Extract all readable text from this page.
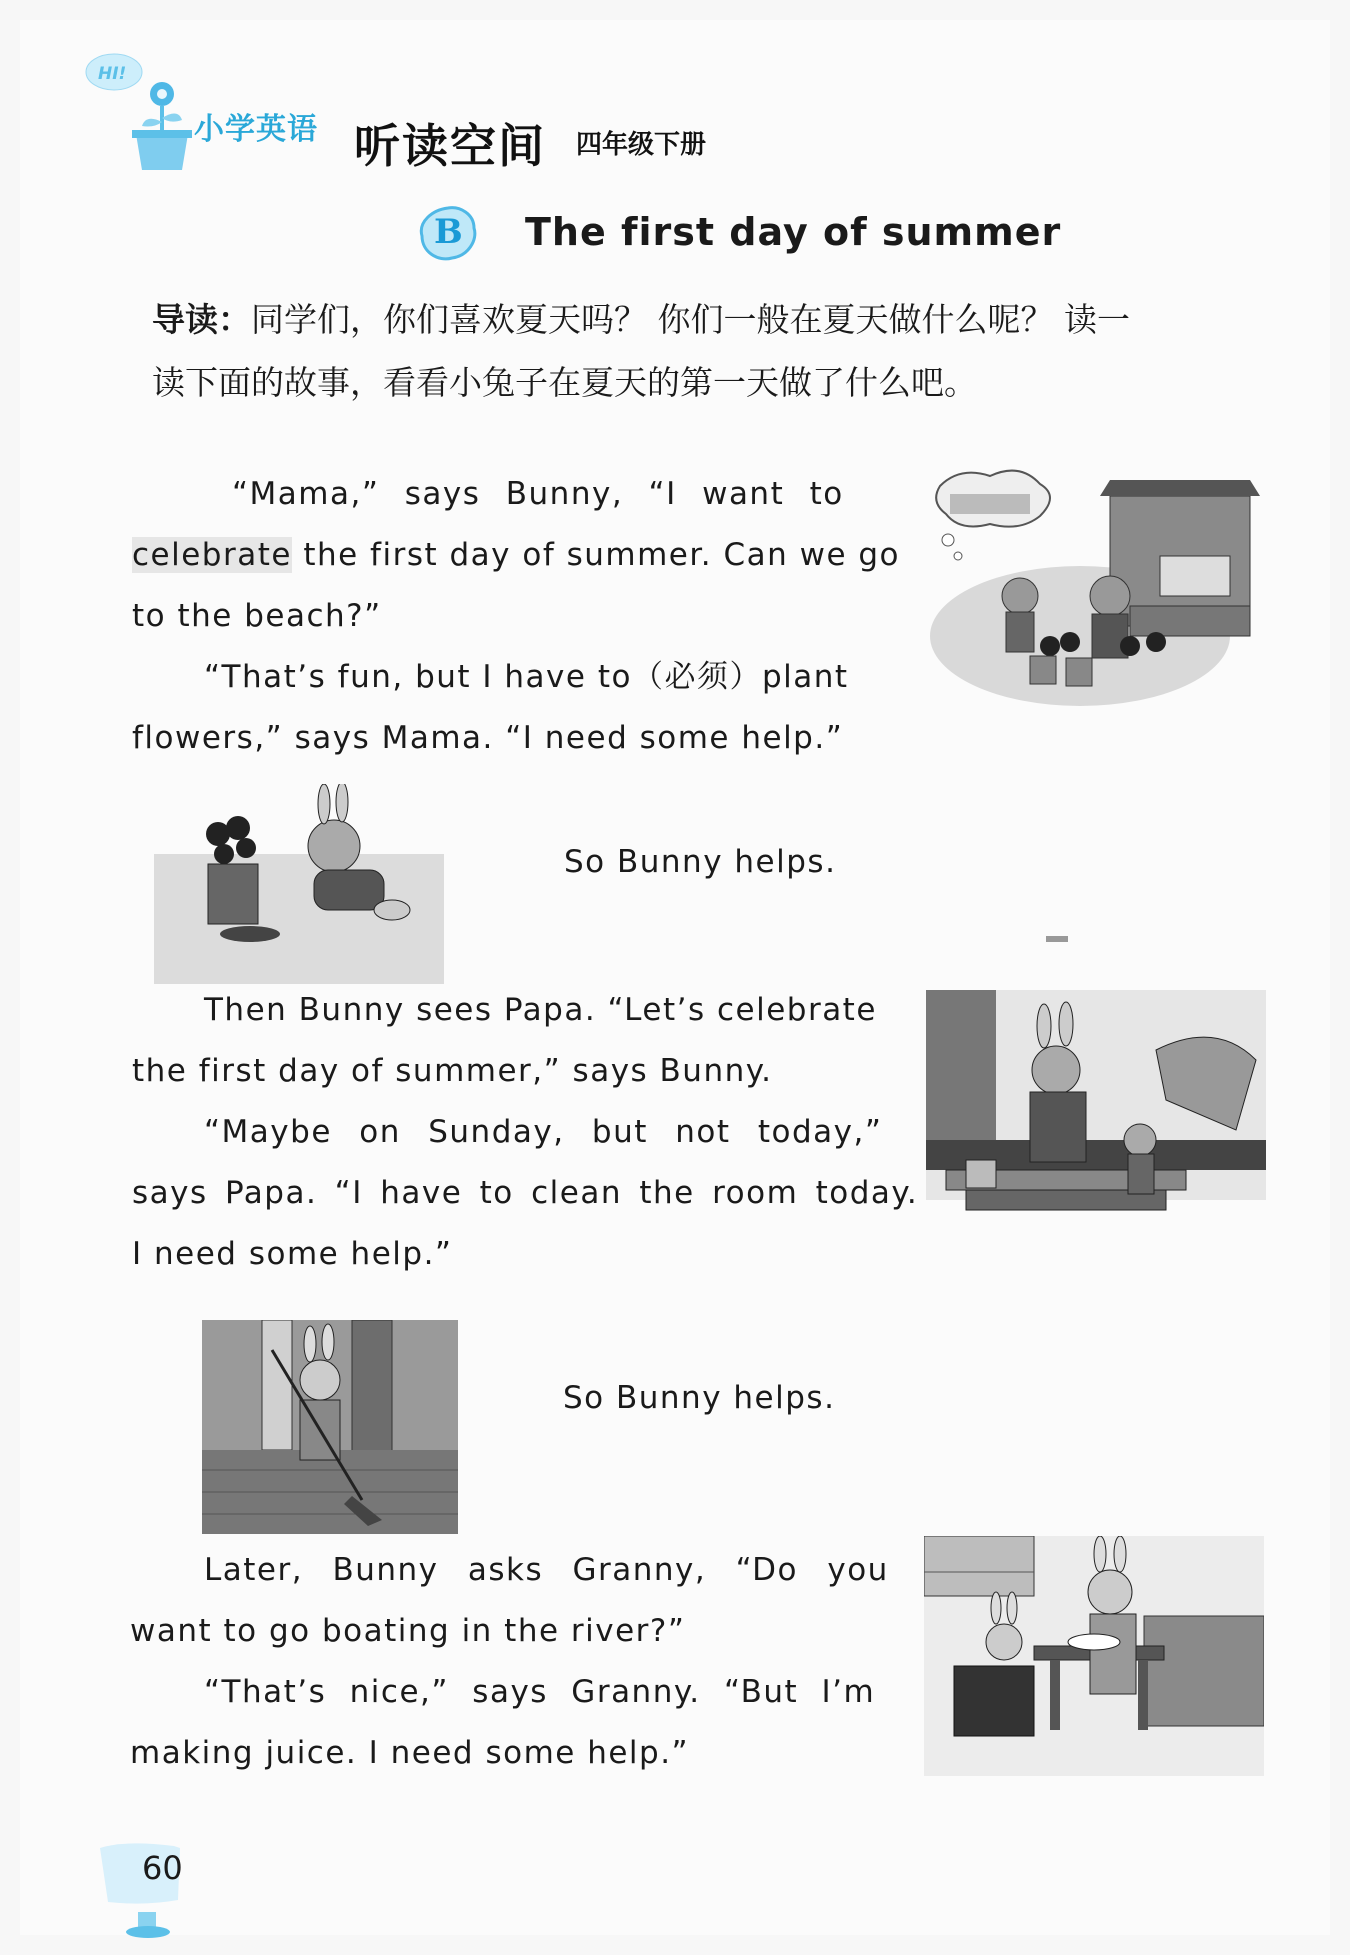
HI!
小学英语 听读空间 四年级下册
B The first day of summer
导读：同学们，你们喜欢夏天吗？ 你们一般在夏天做什么呢？ 读一
读下面的故事，看看小兔子在夏天的第一天做了什么吧。
“Mama,” says Bunny, “I want to
celebrate the first day of summer. Can we go
to the beach?”
“That’s fun, but I have to（必须）plant
flowers,” says Mama. “I need some help.”
So Bunny helps.
Then Bunny sees Papa. “Let’s celebrate
the first day of summer,” says Bunny.
“Maybe on Sunday, but not today,”
says Papa. “I have to clean the room today.
I need some help.”
So Bunny helps.
Later, Bunny asks Granny, “Do you
want to go boating in the river?”
“That’s nice,” says Granny. “But I’m
making juice. I need some help.”
60
